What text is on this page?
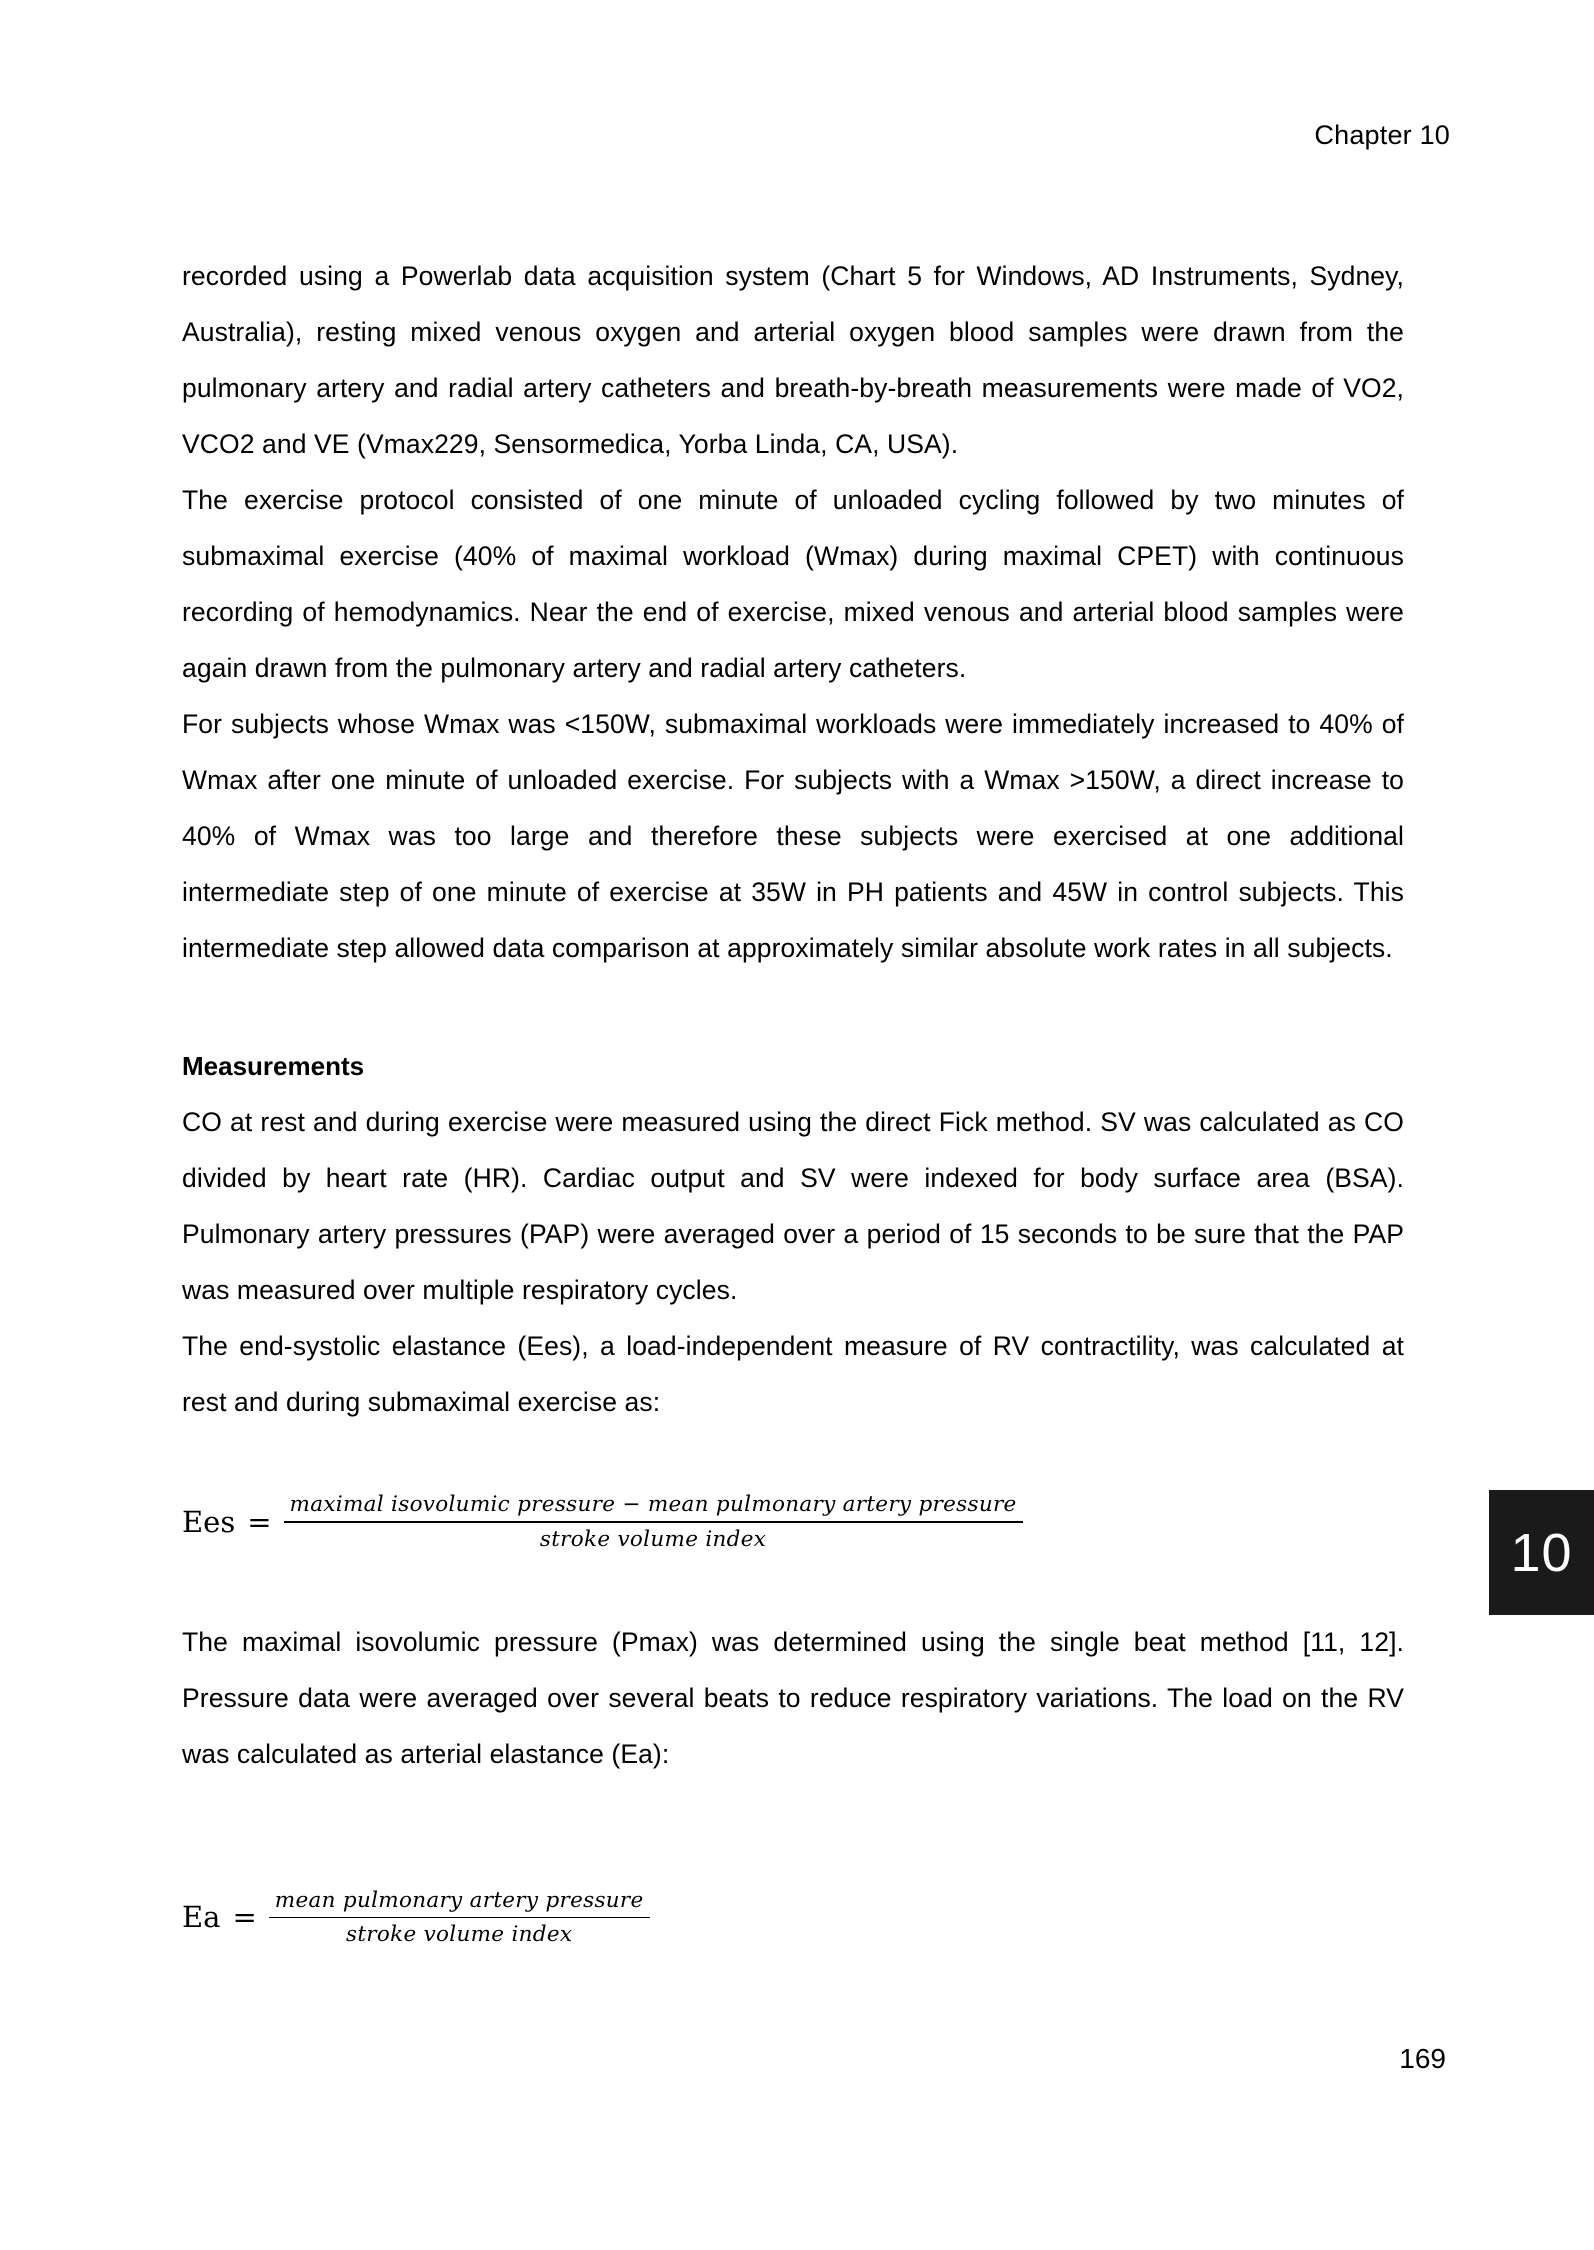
Chapter 10

recorded using a Powerlab data acquisition system (Chart 5 for Windows, AD Instruments, Sydney, Australia), resting mixed venous oxygen and arterial oxygen blood samples were drawn from the pulmonary artery and radial artery catheters and breath-by-breath measurements were made of VO2, VCO2 and VE (Vmax229, Sensormedica, Yorba Linda, CA, USA).

The exercise protocol consisted of one minute of unloaded cycling followed by two minutes of submaximal exercise (40% of maximal workload (Wmax) during maximal CPET) with continuous recording of hemodynamics. Near the end of exercise, mixed venous and arterial blood samples were again drawn from the pulmonary artery and radial artery catheters.

For subjects whose Wmax was <150W, submaximal workloads were immediately increased to 40% of Wmax after one minute of unloaded exercise. For subjects with a Wmax >150W, a direct increase to 40% of Wmax was too large and therefore these subjects were exercised at one additional intermediate step of one minute of exercise at 35W in PH patients and 45W in control subjects. This intermediate step allowed data comparison at approximately similar absolute work rates in all subjects.

Measurements

CO at rest and during exercise were measured using the direct Fick method. SV was calculated as CO divided by heart rate (HR). Cardiac output and SV were indexed for body surface area (BSA). Pulmonary artery pressures (PAP) were averaged over a period of 15 seconds to be sure that the PAP was measured over multiple respiratory cycles.

The end-systolic elastance (Ees), a load-independent measure of RV contractility, was calculated at rest and during submaximal exercise as:

Ees = $\frac{\text{maximal isovolumic pressure − mean pulmonary artery pressure}}{\text{stroke volume index}}$

The maximal isovolumic pressure (Pmax) was determined using the single beat method [11, 12]. Pressure data were averaged over several beats to reduce respiratory variations. The load on the RV was calculated as arterial elastance (Ea):

$Ea = \frac{\text{mean pulmonary artery pressure}}{\text{stroke volume index}}$
10
169
